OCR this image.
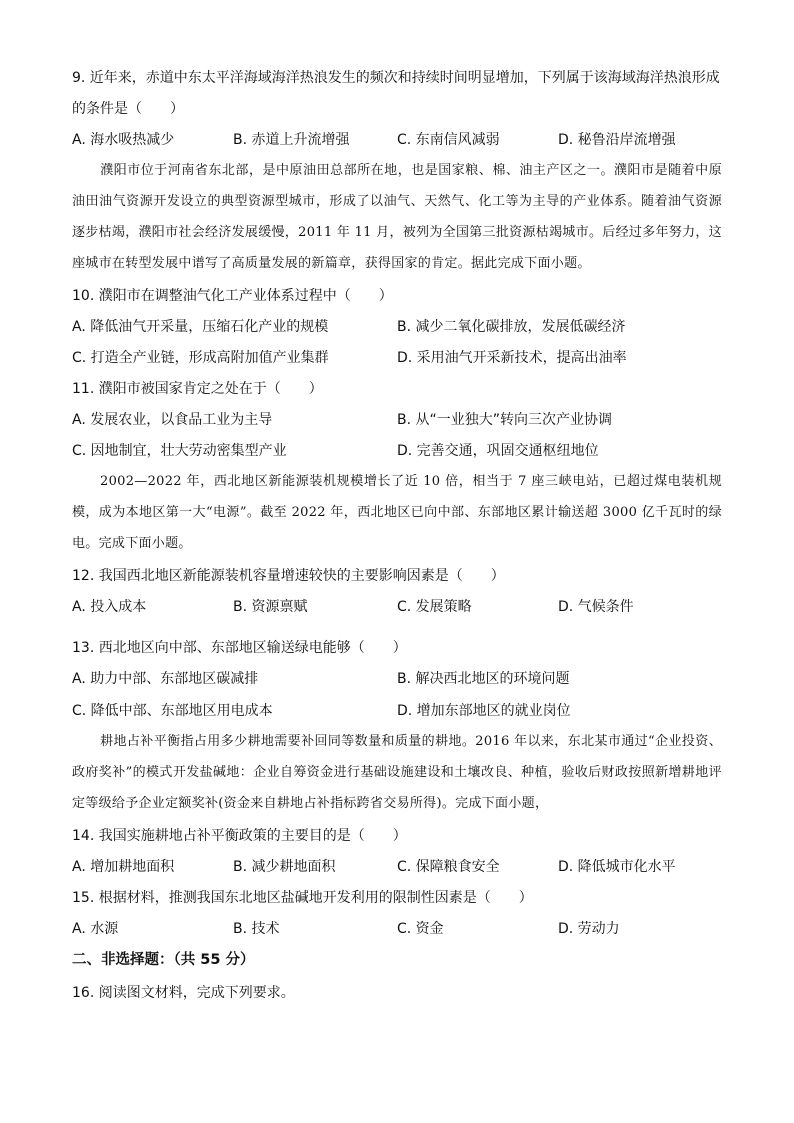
9. 近年来，赤道中东太平洋海域海洋热浪发生的频次和持续时间明显增加，下列属于该海域海洋热浪形成
的条件是（　　）
A. 海水吸热减少	B. 赤道上升流增强	C. 东南信风减弱	D. 秘鲁沿岸流增强
濮阳市位于河南省东北部，是中原油田总部所在地，也是国家粮、棉、油主产区之一。濮阳市是随着中原油田油气资源开发设立的典型资源型城市，形成了以油气、天然气、化工等为主导的产业体系。随着油气资源逐步枯竭，濮阳市社会经济发展缓慢，2011 年 11 月，被列为全国第三批资源枯竭城市。后经过多年努力，这座城市在转型发展中谱写了高质量发展的新篇章，获得国家的肯定。据此完成下面小题。
10. 濮阳市在调整油气化工产业体系过程中（　　）
A. 降低油气开采量，压缩石化产业的规模	B. 减少二氧化碳排放，发展低碳经济
C. 打造全产业链，形成高附加值产业集群	D. 采用油气开采新技术，提高出油率
11. 濮阳市被国家肯定之处在于（　　）
A. 发展农业，以食品工业为主导	B. 从“一业独大”转向三次产业协调
C. 因地制宜，壮大劳动密集型产业	D. 完善交通，巩固交通枢纽地位
2002—2022 年，西北地区新能源装机规模增长了近 10 倍，相当于 7 座三峡电站，已超过煤电装机规模，成为本地区第一大“电源”。截至 2022 年，西北地区已向中部、东部地区累计输送超 3000 亿千瓦时的绿电。完成下面小题。
12. 我国西北地区新能源装机容量增速较快的主要影响因素是（　　）
A. 投入成本	B. 资源禀赋	C. 发展策略	D. 气候条件
13. 西北地区向中部、东部地区输送绿电能够（　　）
A. 助力中部、东部地区碳减排	B. 解决西北地区的环境问题
C. 降低中部、东部地区用电成本	D. 增加东部地区的就业岗位
耕地占补平衡指占用多少耕地需要补回同等数量和质量的耕地。2016 年以来，东北某市通过“企业投资、政府奖补”的模式开发盐碱地：企业自筹资金进行基础设施建设和土壤改良、种植，验收后财政按照新增耕地评定等级给予企业定额奖补(资金来自耕地占补指标跨省交易所得)。完成下面小题，
14. 我国实施耕地占补平衡政策的主要目的是（　　）
A. 增加耕地面积	B. 减少耕地面积	C. 保障粮食安全	D. 降低城市化水平
15. 根据材料，推测我国东北地区盐碱地开发利用的限制性因素是（　　）
A. 水源	B. 技术	C. 资金	D. 劳动力
二、非选择题：（共 55 分）
16. 阅读图文材料，完成下列要求。
